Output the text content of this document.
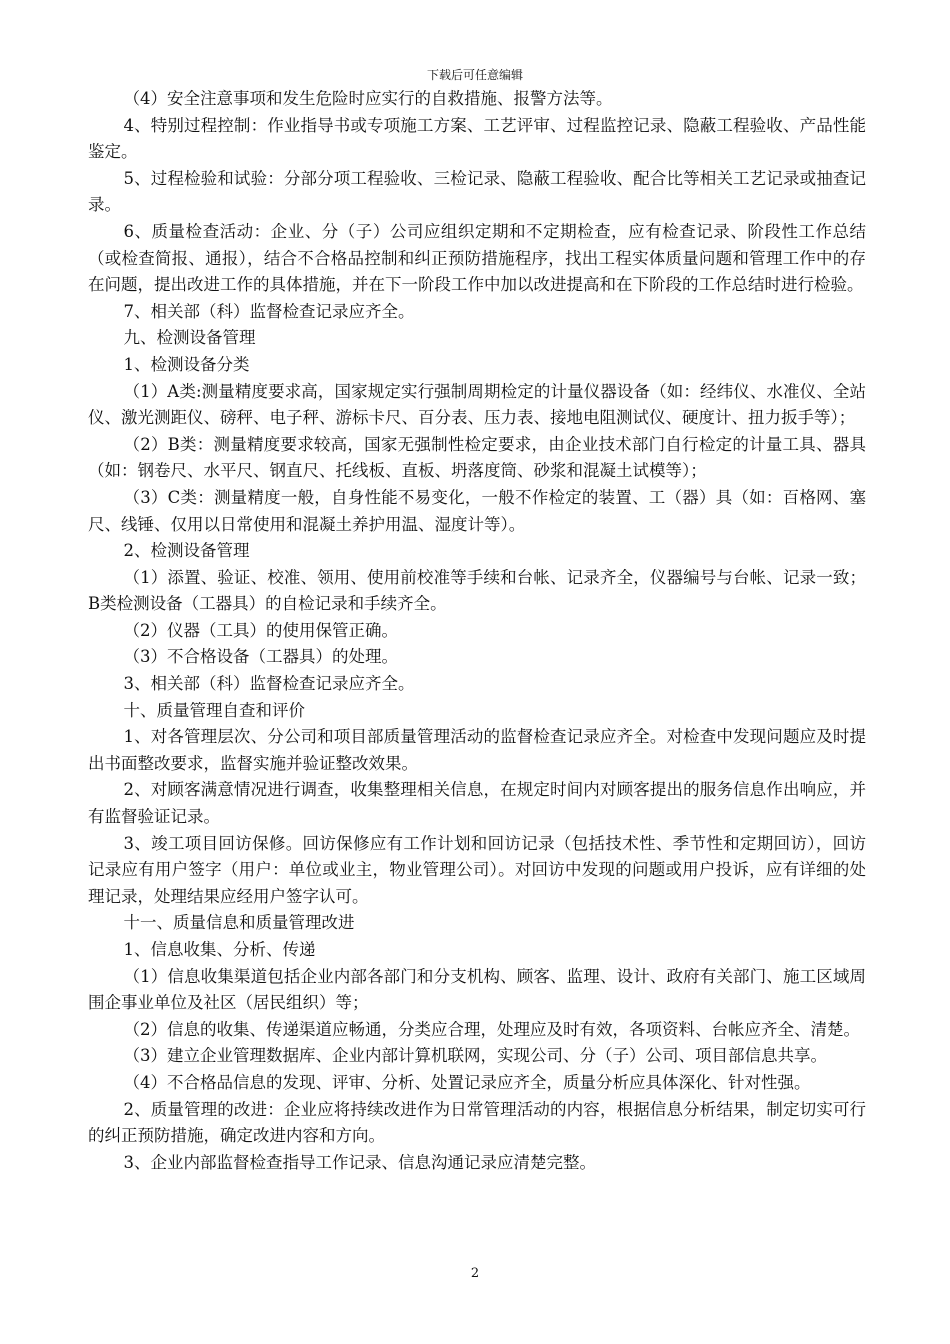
下载后可任意编辑

（4）安全注意事项和发生危险时应实行的自救措施、报警方法等。

4、特别过程控制：作业指导书或专项施工方案、工艺评审、过程监控记录、隐蔽工程验收、产品性能鉴定。

5、过程检验和试验：分部分项工程验收、三检记录、隐蔽工程验收、配合比等相关工艺记录或抽查记录。

6、质量检查活动：企业、分（子）公司应组织定期和不定期检查，应有检查记录、阶段性工作总结（或检查简报、通报），结合不合格品控制和纠正预防措施程序，找出工程实体质量问题和管理工作中的存在问题，提出改进工作的具体措施，并在下一阶段工作中加以改进提高和在下阶段的工作总结时进行检验。

7、相关部（科）监督检查记录应齐全。

九、检测设备管理

1、检测设备分类

（1）A类:测量精度要求高，国家规定实行强制周期检定的计量仪器设备（如：经纬仪、水准仪、全站仪、激光测距仪、磅秤、电子秤、游标卡尺、百分表、压力表、接地电阻测试仪、硬度计、扭力扳手等）；

（2）B类：测量精度要求较高，国家无强制性检定要求，由企业技术部门自行检定的计量工具、器具（如：钢卷尺、水平尺、钢直尺、托线板、直板、坍落度筒、砂浆和混凝土试模等）；

（3）C类：测量精度一般，自身性能不易变化，一般不作检定的装置、工（器）具（如：百格网、塞尺、线锤、仅用以日常使用和混凝土养护用温、湿度计等）。

2、检测设备管理

（1）添置、验证、校准、领用、使用前校准等手续和台帐、记录齐全，仪器编号与台帐、记录一致；B类检测设备（工器具）的自检记录和手续齐全。

（2）仪器（工具）的使用保管正确。

（3）不合格设备（工器具）的处理。

3、相关部（科）监督检查记录应齐全。

十、质量管理自查和评价

1、对各管理层次、分公司和项目部质量管理活动的监督检查记录应齐全。对检查中发现问题应及时提出书面整改要求，监督实施并验证整改效果。

2、对顾客满意情况进行调查，收集整理相关信息，在规定时间内对顾客提出的服务信息作出响应，并有监督验证记录。

3、竣工项目回访保修。回访保修应有工作计划和回访记录（包括技术性、季节性和定期回访），回访记录应有用户签字（用户：单位或业主，物业管理公司）。对回访中发现的问题或用户投诉，应有详细的处理记录，处理结果应经用户签字认可。

十一、质量信息和质量管理改进

1、信息收集、分析、传递

（1）信息收集渠道包括企业内部各部门和分支机构、顾客、监理、设计、政府有关部门、施工区域周围企事业单位及社区（居民组织）等；

（2）信息的收集、传递渠道应畅通，分类应合理，处理应及时有效，各项资料、台帐应齐全、清楚。

（3）建立企业管理数据库、企业内部计算机联网，实现公司、分（子）公司、项目部信息共享。

（4）不合格品信息的发现、评审、分析、处置记录应齐全，质量分析应具体深化、针对性强。

2、质量管理的改进：企业应将持续改进作为日常管理活动的内容，根据信息分析结果，制定切实可行的纠正预防措施，确定改进内容和方向。

3、企业内部监督检查指导工作记录、信息沟通记录应清楚完整。

2
